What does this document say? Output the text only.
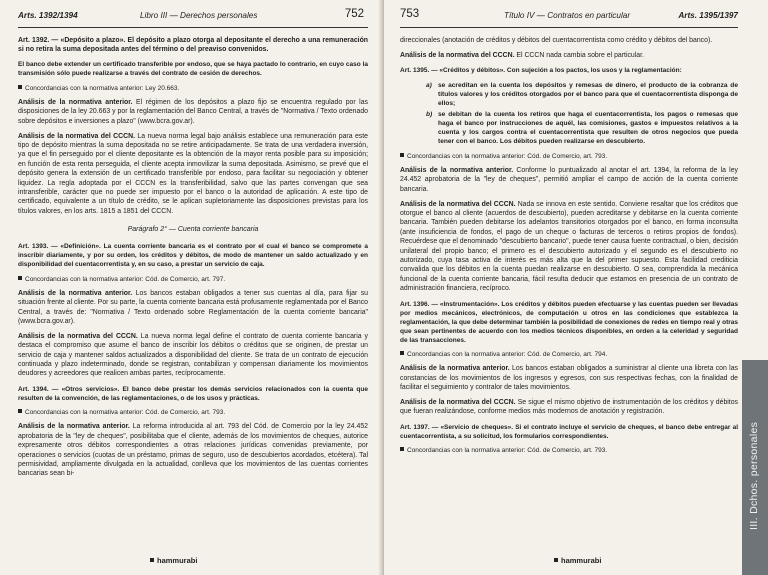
Arts. 1392/1394	Libro III — Derechos personales	752

Art. 1392. — «Depósito a plazo». El depósito a plazo otorga al depositante el derecho a una remuneración si no retira la suma depositada antes del término o del preaviso convenidos.

El banco debe extender un certificado transferible por endoso, que se haya pactado lo contrario, en cuyo caso la transmisión sólo puede realizarse a través del contrato de cesión de derechos.

Concordancias con la normativa anterior: Ley 20.663.

Análisis de la normativa anterior. El régimen de los depósitos a plazo fijo se encuentra regulado por las disposiciones de la ley 20.663 y por la reglamentación del Banco Central, a través de "Normativa / Texto ordenado sobre depósitos e inversiones a plazo" (www.bcra.gov.ar).

Análisis de la normativa del CCCN. La nueva norma legal bajo análisis establece una remuneración para este tipo de depósito mientras la suma depositada no se retire anticipadamente. Se trata de una verdadera inversión, ya que el fin perseguido por el cliente depositante es la obtención de la mayor renta posible para su imposición; en función de esta renta perseguida, el cliente acepta inmovilizar la suma depositada. Asimismo, se prevé que el depósito genera la extensión de un certificado transferible por endoso, para facilitar su negociación y obtener liquidez. La regla adoptada por el CCCN es la transferibilidad, salvo que las partes convengan que sea intransferible, carácter que no puede ser impuesto por el banco o la autoridad de aplicación. A este tipo de certificado, equivalente a un título de crédito, se le aplican supletoriamente las disposiciones previstas para los títulos valores, en los arts. 1815 a 1851 del CCCN.

Parágrafo 2° — Cuenta corriente bancaria

Art. 1393. — «Definición». La cuenta corriente bancaria es el contrato por el cual el banco se compromete a inscribir diariamente, y por su orden, los créditos y débitos, de modo de mantener un saldo actualizado y en disponibilidad del cuentacorrentista y, en su caso, a prestar un servicio de caja.

Concordancias con la normativa anterior: Cód. de Comercio, art. 797.

Análisis de la normativa anterior. Los bancos estaban obligados a tener sus cuentas al día, para fijar su situación frente al cliente. Por su parte, la cuenta corriente bancaria está profusamente reglamentada por el Banco Central, a través de: "Normativa / Texto ordenado sobre Reglamentación de la cuenta corriente bancaria" (www.bcra.gov.ar).

Análisis de la normativa del CCCN. La nueva norma legal define el contrato de cuenta corriente bancaria y destaca el compromiso que asume el banco de inscribir los débitos o créditos que se originen, de prestar un servicio de caja y mantener saldos actualizados a disponibilidad del cliente. Se trata de un contrato de ejecución continuada y plazo indeterminado, donde se registran, contabilizan y compensan diariamente los movimientos deudores y acreedores que realicen ambas partes, recíprocamente.

Art. 1394. — «Otros servicios». El banco debe prestar los demás servicios relacionados con la cuenta que resulten de la convención, de las reglamentaciones, o de los usos y prácticas.

Concordancias con la normativa anterior: Cód. de Comercio, art. 793.

Análisis de la normativa anterior. La reforma introducida al art. 793 del Cód. de Comercio por la ley 24.452 aprobatoria de la "ley de cheques", posibilitaba que el cliente, además de los movimientos de cheques, autorice expresamente otros débitos correspondientes a otras relaciones jurídicas convenidas previamente, por operaciones o servicios (cuotas de un préstamo, primas de seguro, uso de descubiertos acordados, etcétera). Tal permisividad, ampliamente divulgada en la actualidad, conlleva que los movimientos de las cuentas corrientes bancarias sean bi-

hammurabi
753	Título IV — Contratos en particular	Arts. 1395/1397

direccionales (anotación de créditos y débitos del cuentacorrentista como crédito y débitos del banco).

Análisis de la normativa del CCCN. El CCCN nada cambia sobre el particular.

Art. 1395. — «Créditos y débitos». Con sujeción a los pactos, los usos y la reglamentación:

a) se acreditan en la cuenta los depósitos y remesas de dinero, el producto de la cobranza de títulos valores y los créditos otorgados por el banco para que el cuentacorrentista disponga de ellos;
b) se debitan de la cuenta los retiros que haga el cuentacorrentista, los pagos o remesas que haga el banco por instrucciones de aquél, las comisiones, gastos e impuestos relativos a la cuenta y los cargos contra el cuentacorrentista que resulten de otros negocios que pueda tener con el banco. Los débitos pueden realizarse en descubierto.

Concordancias con la normativa anterior: Cód. de Comercio, art. 793.

Análisis de la normativa anterior. Conforme lo puntualizado al anotar el art. 1394, la reforma de la ley 24.452 aprobatoria de la "ley de cheques", permitió ampliar el campo de acción de la cuenta corriente bancaria.

Análisis de la normativa del CCCN. Nada se innova en este sentido. Conviene resaltar que los créditos que otorgue el banco al cliente (acuerdos de descubierto), pueden acreditarse y debitarse en la cuenta corriente bancaria. También pueden debitarse los adelantos transitorios otorgados por el banco, en forma inconsulta (ante insuficiencia de fondos, el pago de un cheque o facturas de terceros o retiros propios de fondos). Recuérdese que el denominado "descubierto bancario", puede tener causa fuente contractual, o bien, decisión unilateral del propio banco; el primero es el descubierto autorizado y el segundo es el descubierto no autorizado, cuya tasa activa de interés es más alta que la del primer supuesto. Esta facilidad crediticia convalida que los débitos en la cuenta puedan realizarse en descubierto. O sea, comprendida la mecánica funcional de la cuenta corriente bancaria, fácil resulta deducir que estamos en presencia de un contrato de administración financiera, recíproco.

Art. 1396. — «Instrumentación». Los créditos y débitos pueden efectuarse y las cuentas pueden ser llevadas por medios mecánicos, electrónicos, de computación u otros en las condiciones que establezca la reglamentación, la que debe determinar también la posibilidad de conexiones de redes en tiempo real y otras que sean pertinentes de acuerdo con los medios técnicos disponibles, en orden a la celeridad y seguridad de las transacciones.

Concordancias con la normativa anterior: Cód. de Comercio, art. 794.

Análisis de la normativa anterior. Los bancos estaban obligados a suministrar al cliente una libreta con las constancias de los movimientos de los ingresos y egresos, con sus respectivas fechas, con la finalidad de facilitar el seguimiento y contralor de tales movimientos.

Análisis de la normativa del CCCN. Se sigue el mismo objetivo de instrumentación de los créditos y débitos que fueran realizándose, conforme medios más modernos de anotación y registración.

Art. 1397. — «Servicio de cheques». Si el contrato incluye el servicio de cheques, el banco debe entregar al cuentacorrentista, a su solicitud, los formularios correspondientes.

Concordancias con la normativa anterior: Cód. de Comercio, art. 793.

hammurabi
III. Dchos. personales
